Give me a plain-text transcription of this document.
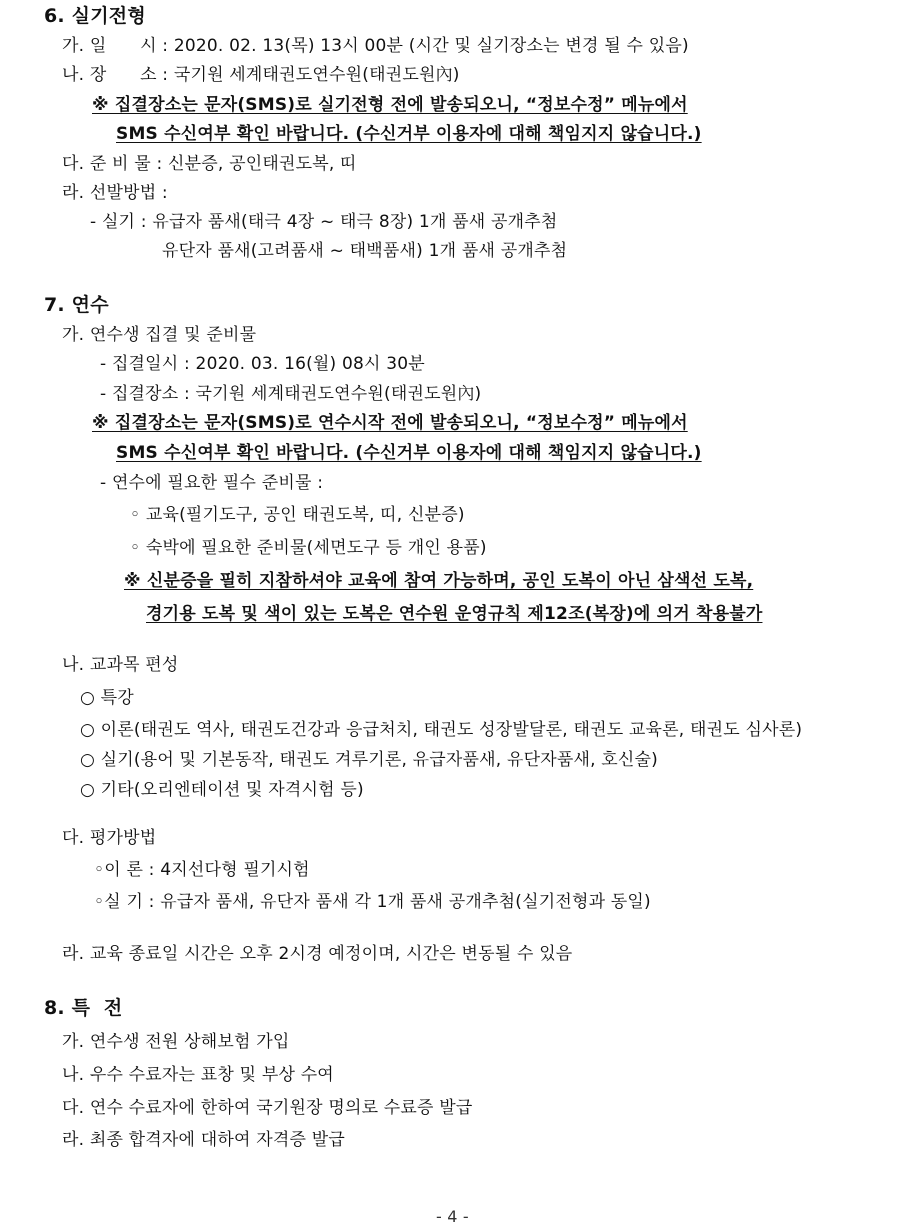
6. 실기전형
가. 일      시 : 2020. 02. 13(목) 13시 00분 (시간 및 실기장소는 변경 될 수 있음)
나. 장      소 : 국기원 세계태권도연수원(태권도원內)
※ 집결장소는 문자(SMS)로 실기전형 전에 발송되오니, “정보수정” 메뉴에서
SMS 수신여부 확인 바랍니다. (수신거부 이용자에 대해 책임지지 않습니다.)
다. 준 비 물 : 신분증, 공인태권도복, 띠
라. 선발방법 :
- 실기 : 유급자 품새(태극 4장 ~ 태극 8장) 1개 품새 공개추첨
유단자 품새(고려품새 ~ 태백품새) 1개 품새 공개추첨
7. 연수
가. 연수생 집결 및 준비물
- 집결일시 : 2020. 03. 16(월) 08시 30분
- 집결장소 : 국기원 세계태권도연수원(태권도원內)
※ 집결장소는 문자(SMS)로 연수시작 전에 발송되오니, “정보수정” 메뉴에서
SMS 수신여부 확인 바랍니다. (수신거부 이용자에 대해 책임지지 않습니다.)
- 연수에 필요한 필수 준비물 :
◦ 교육(필기도구, 공인 태권도복, 띠, 신분증)
◦ 숙박에 필요한 준비물(세면도구 등 개인 용품)
※ 신분증을 필히 지참하셔야 교육에 참여 가능하며, 공인 도복이 아닌 삼색선 도복,
경기용 도복 및 색이 있는 도복은 연수원 운영규칙 제12조(복장)에 의거 착용불가
나. 교과목 편성
○ 특강
○ 이론(태권도 역사, 태권도건강과 응급처치, 태권도 성장발달론, 태권도 교육론, 태권도 심사론)
○ 실기(용어 및 기본동작, 태권도 겨루기론, 유급자품새, 유단자품새, 호신술)
○ 기타(오리엔테이션 및 자격시험 등)
다. 평가방법
◦이 론 : 4지선다형 필기시험
◦실 기 : 유급자 품새, 유단자 품새 각 1개 품새 공개추첨(실기전형과 동일)
라. 교육 종료일 시간은 오후 2시경 예정이며, 시간은 변동될 수 있음
8. 특  전
가. 연수생 전원 상해보험 가입
나. 우수 수료자는 표창 및 부상 수여
다. 연수 수료자에 한하여 국기원장 명의로 수료증 발급
라. 최종 합격자에 대하여 자격증 발급
- 4 -
